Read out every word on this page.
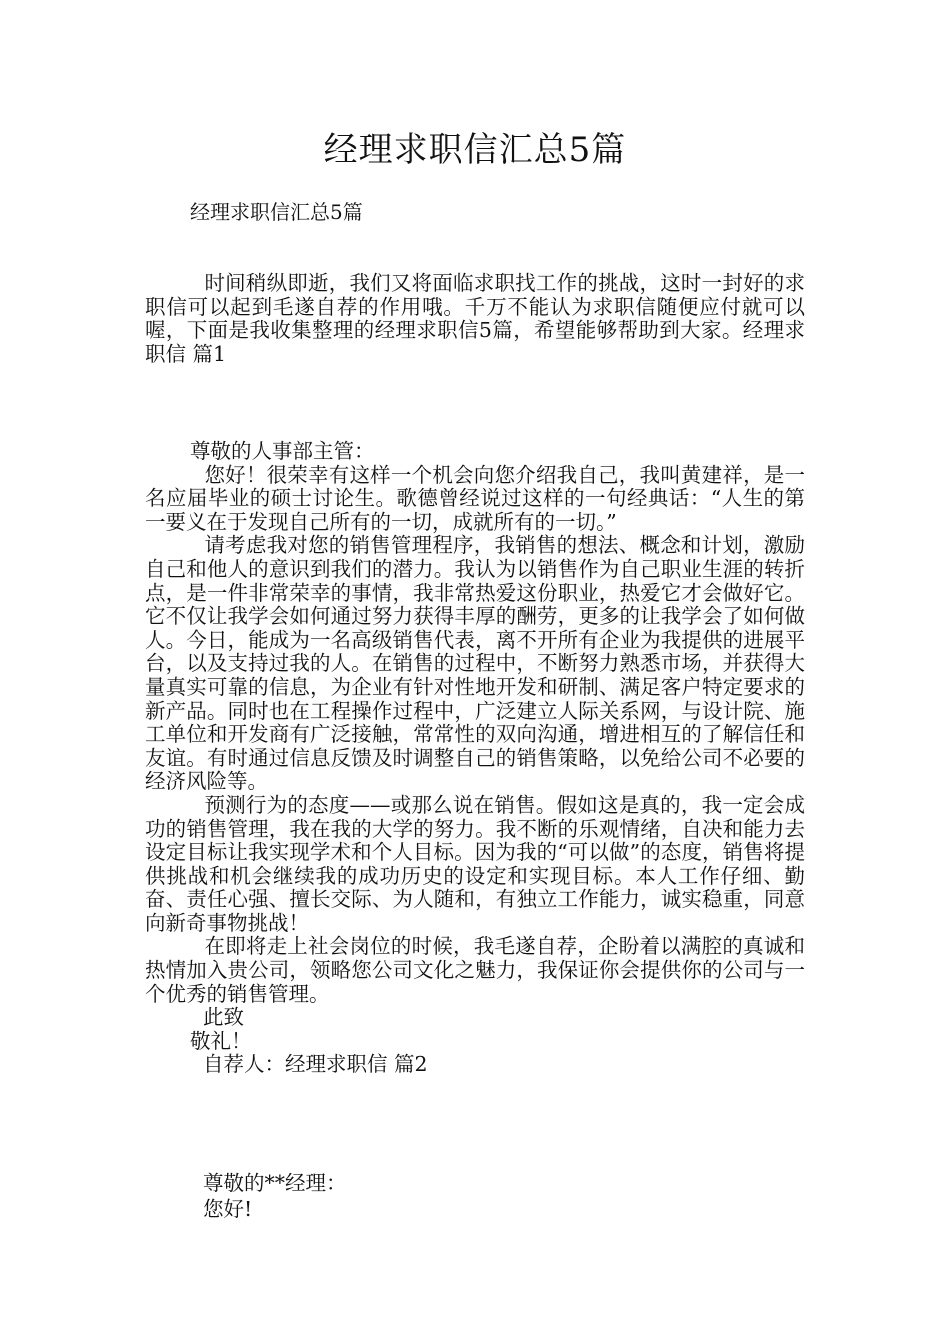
经理求职信汇总5篇
经理求职信汇总5篇

时间稍纵即逝，我们又将面临求职找工作的挑战，这时一封好的求职信可以起到毛遂自荐的作用哦。千万不能认为求职信随便应付就可以喔，下面是我收集整理的经理求职信5篇，希望能够帮助到大家。经理求职信 篇1

尊敬的人事部主管：

您好！很荣幸有这样一个机会向您介绍我自己，我叫黄建祥，是一名应届毕业的硕士讨论生。歌德曾经说过这样的一句经典话：“人生的第一要义在于发现自己所有的一切，成就所有的一切。”

请考虑我对您的销售管理程序，我销售的想法、概念和计划，激励自己和他人的意识到我们的潜力。我认为以销售作为自己职业生涯的转折点，是一件非常荣幸的事情，我非常热爱这份职业，热爱它才会做好它。它不仅让我学会如何通过努力获得丰厚的酬劳，更多的让我学会了如何做人。今日，能成为一名高级销售代表，离不开所有企业为我提供的进展平台，以及支持过我的人。在销售的过程中，不断努力熟悉市场，并获得大量真实可靠的信息，为企业有针对性地开发和研制、满足客户特定要求的新产品。同时也在工程操作过程中，广泛建立人际关系网，与设计院、施工单位和开发商有广泛接触，常常性的双向沟通，增进相互的了解信任和友谊。有时通过信息反馈及时调整自己的销售策略，以免给公司不必要的经济风险等。

预测行为的态度——或那么说在销售。假如这是真的，我一定会成功的销售管理，我在我的大学的努力。我不断的乐观情绪，自决和能力去设定目标让我实现学术和个人目标。因为我的“可以做”的态度，销售将提供挑战和机会继续我的成功历史的设定和实现目标。本人工作仔细、勤奋、责任心强、擅长交际、为人随和，有独立工作能力，诚实稳重，同意向新奇事物挑战！

在即将走上社会岗位的时候，我毛遂自荐，企盼着以满腔的真诚和热情加入贵公司，领略您公司文化之魅力，我保证你会提供你的公司与一个优秀的销售管理。

此致

敬礼！

自荐人：经理求职信 篇2

尊敬的**经理：
您好!
